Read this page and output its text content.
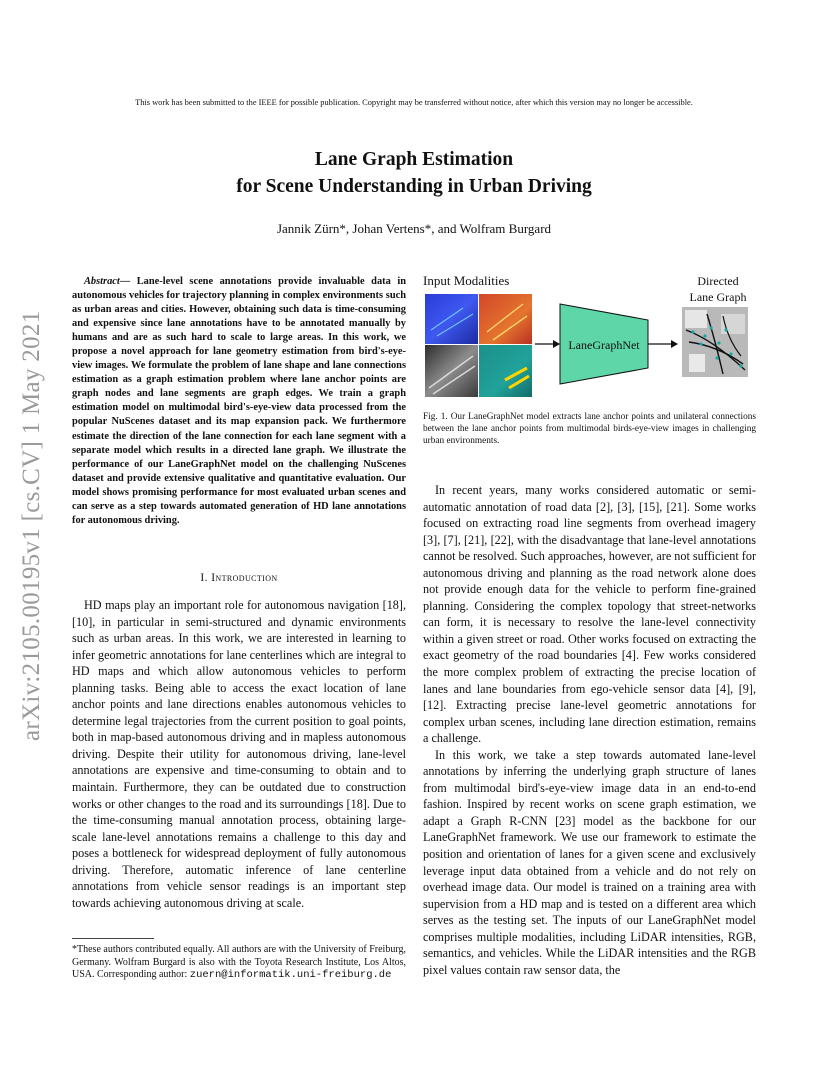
This work has been submitted to the IEEE for possible publication. Copyright may be transferred without notice, after which this version may no longer be accessible.
Lane Graph Estimation
for Scene Understanding in Urban Driving
Jannik Zürn*, Johan Vertens*, and Wolfram Burgard
arXiv:2105.00195v1 [cs.CV] 1 May 2021
Abstract— Lane-level scene annotations provide invaluable data in autonomous vehicles for trajectory planning in complex environments such as urban areas and cities. However, obtaining such data is time-consuming and expensive since lane annotations have to be annotated manually by humans and are as such hard to scale to large areas. In this work, we propose a novel approach for lane geometry estimation from bird's-eye-view images. We formulate the problem of lane shape and lane connections estimation as a graph estimation problem where lane anchor points are graph nodes and lane segments are graph edges. We train a graph estimation model on multimodal bird's-eye-view data processed from the popular NuScenes dataset and its map expansion pack. We furthermore estimate the direction of the lane connection for each lane segment with a separate model which results in a directed lane graph. We illustrate the performance of our LaneGraphNet model on the challenging NuScenes dataset and provide extensive qualitative and quantitative evaluation. Our model shows promising performance for most evaluated urban scenes and can serve as a step towards automated generation of HD lane annotations for autonomous driving.
I. Introduction

HD maps play an important role for autonomous navigation [18], [10], in particular in semi-structured and dynamic environments such as urban areas. In this work, we are interested in learning to infer geometric annotations for lane centerlines which are integral to HD maps and which allow autonomous vehicles to perform planning tasks. Being able to access the exact location of lane anchor points and lane directions enables autonomous vehicles to determine legal trajectories from the current position to goal points, both in map-based autonomous driving and in mapless autonomous driving. Despite their utility for autonomous driving, lane-level annotations are expensive and time-consuming to obtain and to maintain. Furthermore, they can be outdated due to construction works or other changes to the road and its surroundings [18]. Due to the time-consuming manual annotation process, obtaining large-scale lane-level annotations remains a challenge to this day and poses a bottleneck for widespread deployment of fully autonomous driving. Therefore, automatic inference of lane centerline annotations from vehicle sensor readings is an important step towards achieving autonomous driving at scale.

*These authors contributed equally. All authors are with the University of Freiburg, Germany. Wolfram Burgard is also with the Toyota Research Institute, Los Altos, USA. Corresponding author: zuern@informatik.uni-freiburg.de
Input Modalities	Directed
Lane Graph
LaneGraphNet
Fig. 1. Our LaneGraphNet model extracts lane anchor points and unilateral connections between the lane anchor points from multimodal birds-eye-view images in challenging urban environments.

In recent years, many works considered automatic or semi-automatic annotation of road data [2], [3], [15], [21]. Some works focused on extracting road line segments from overhead imagery [3], [7], [21], [22], with the disadvantage that lane-level annotations cannot be resolved. Such approaches, however, are not sufficient for autonomous driving and planning as the road network alone does not provide enough data for the vehicle to perform fine-grained planning. Considering the complex topology that street-networks can form, it is necessary to resolve the lane-level connectivity within a given street or road. Other works focused on extracting the exact geometry of the road boundaries [4]. Few works considered the more complex problem of extracting the precise location of lanes and lane boundaries from ego-vehicle sensor data [4], [9], [12]. Extracting precise lane-level geometric annotations for complex urban scenes, including lane direction estimation, remains a challenge.

In this work, we take a step towards automated lane-level annotations by inferring the underlying graph structure of lanes from multimodal bird's-eye-view image data in an end-to-end fashion. Inspired by recent works on scene graph estimation, we adapt a Graph R-CNN [23] model as the backbone for our LaneGraphNet framework. We use our framework to estimate the position and orientation of lanes for a given scene and exclusively leverage input data obtained from a vehicle and do not rely on overhead image data. Our model is trained on a training area with supervision from a HD map and is tested on a different area which serves as the testing set. The inputs of our LaneGraphNet model comprises multiple modalities, including LiDAR intensities, RGB, semantics, and vehicles. While the LiDAR intensities and the RGB pixel values contain raw sensor data, the
